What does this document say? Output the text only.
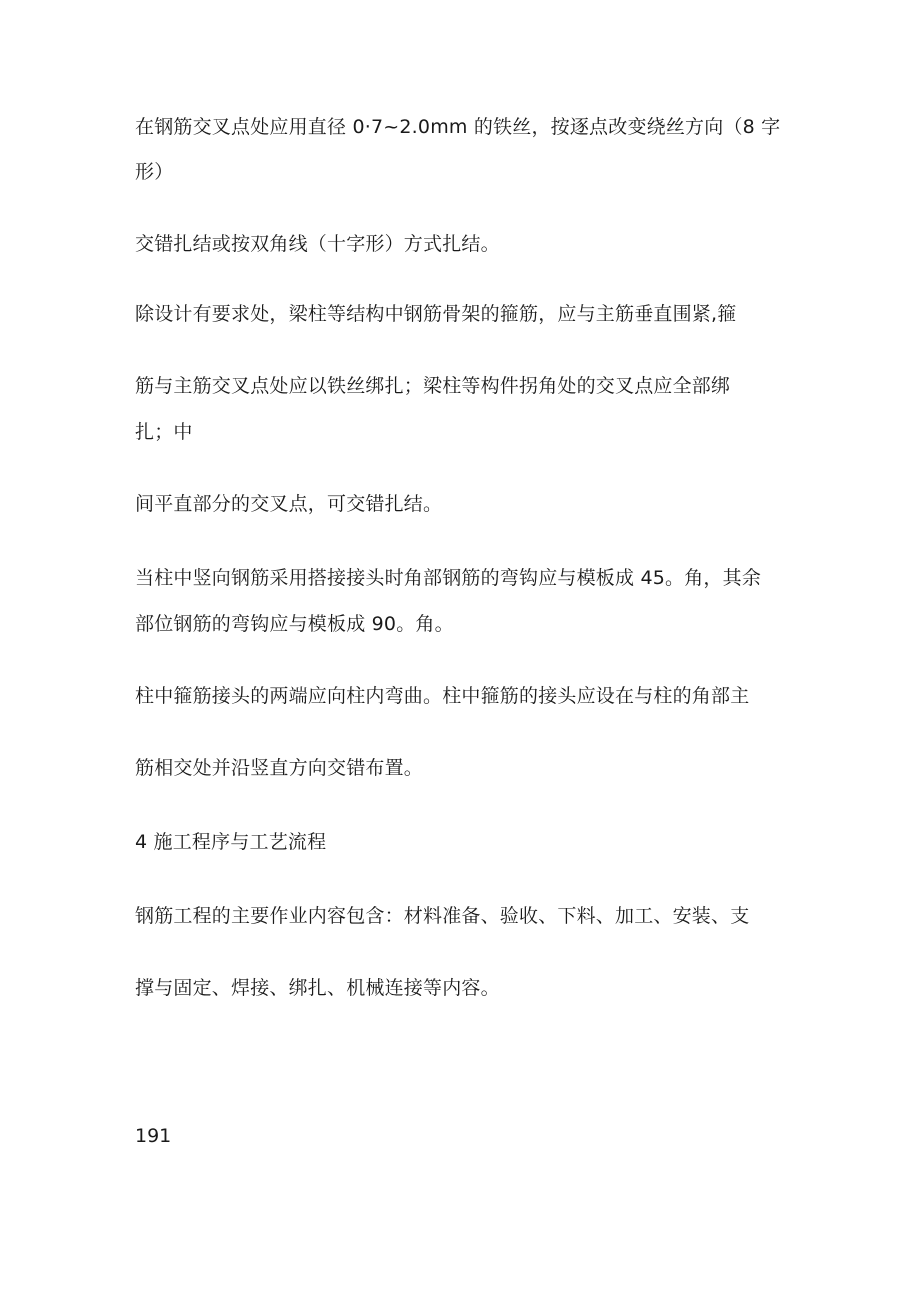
在钢筋交叉点处应用直径 0·7~2.0mm 的铁丝，按逐点改变绕丝方向（8 字
形）
交错扎结或按双角线（十字形）方式扎结。
除设计有要求处，梁柱等结构中钢筋骨架的箍筋，应与主筋垂直围紧,箍
筋与主筋交叉点处应以铁丝绑扎；梁柱等构件拐角处的交叉点应全部绑
扎；中
间平直部分的交叉点，可交错扎结。
当柱中竖向钢筋采用搭接接头时角部钢筋的弯钩应与模板成 45。角，其余
部位钢筋的弯钩应与模板成 90。角。
柱中箍筋接头的两端应向柱内弯曲。柱中箍筋的接头应设在与柱的角部主
筋相交处并沿竖直方向交错布置。
4 施工程序与工艺流程
钢筋工程的主要作业内容包含：材料准备、验收、下料、加工、安装、支
撑与固定、焊接、绑扎、机械连接等内容。
191
